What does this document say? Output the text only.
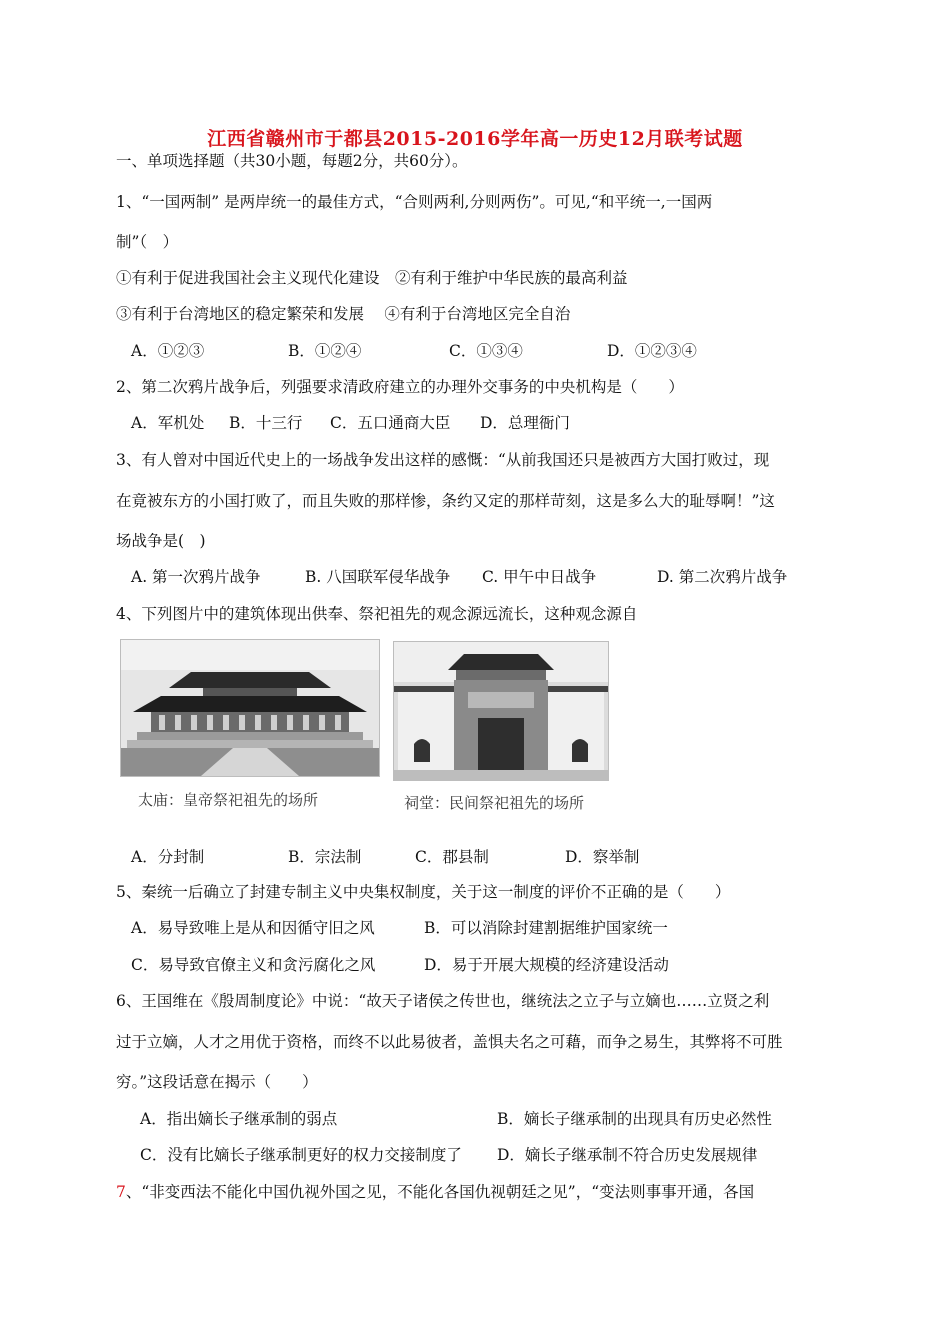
江西省赣州市于都县2015-2016学年高一历史12月联考试题
一、单项选择题（共30小题，每题2分，共60分）。
1、“一国两制” 是两岸统一的最佳方式，“合则两利,分则两伤”。可见,“和平统一,一国两
制”（　）
①有利于促进我国社会主义现代化建设　②有利于维护中华民族的最高利益
③有利于台湾地区的稳定繁荣和发展　 ④有利于台湾地区完全自治
A．①②③	B．①②④	C．①③④	D．①②③④
2、第二次鸦片战争后，列强要求清政府建立的办理外交事务的中央机构是（　　）
A．军机处 B．十三行 C．五口通商大臣 D．总理衙门
3、有人曾对中国近代史上的一场战争发出这样的感慨：“从前我国还只是被西方大国打败过，现
在竟被东方的小国打败了，而且失败的那样惨，条约又定的那样苛刻，这是多么大的耻辱啊！”这
场战争是(　)
A. 第一次鸦片战争	B. 八国联军侵华战争 C. 甲午中日战争	D. 第二次鸦片战争
4、下列图片中的建筑体现出供奉、祭祀祖先的观念源远流长，这种观念源自
太庙：皇帝祭祀祖先的场所	祠堂：民间祭祀祖先的场所
A．分封制	B．宗法制	C．郡县制	D．察举制
5、秦统一后确立了封建专制主义中央集权制度，关于这一制度的评价不正确的是（　　）
A．易导致唯上是从和因循守旧之风	B．可以消除封建割据维护国家统一
C．易导致官僚主义和贪污腐化之风	D．易于开展大规模的经济建设活动
6、王国维在《殷周制度论》中说：“故天子诸侯之传世也，继统法之立子与立嫡也……立贤之利
过于立嫡，人才之用优于资格，而终不以此易彼者，盖惧夫名之可藉，而争之易生，其弊将不可胜
穷。”这段话意在揭示（　　）
A．指出嫡长子继承制的弱点	B．嫡长子继承制的出现具有历史必然性
C．没有比嫡长子继承制更好的权力交接制度了 D．嫡长子继承制不符合历史发展规律
7、“非变西法不能化中国仇视外国之见，不能化各国仇视朝廷之见”，“变法则事事开通，各国
